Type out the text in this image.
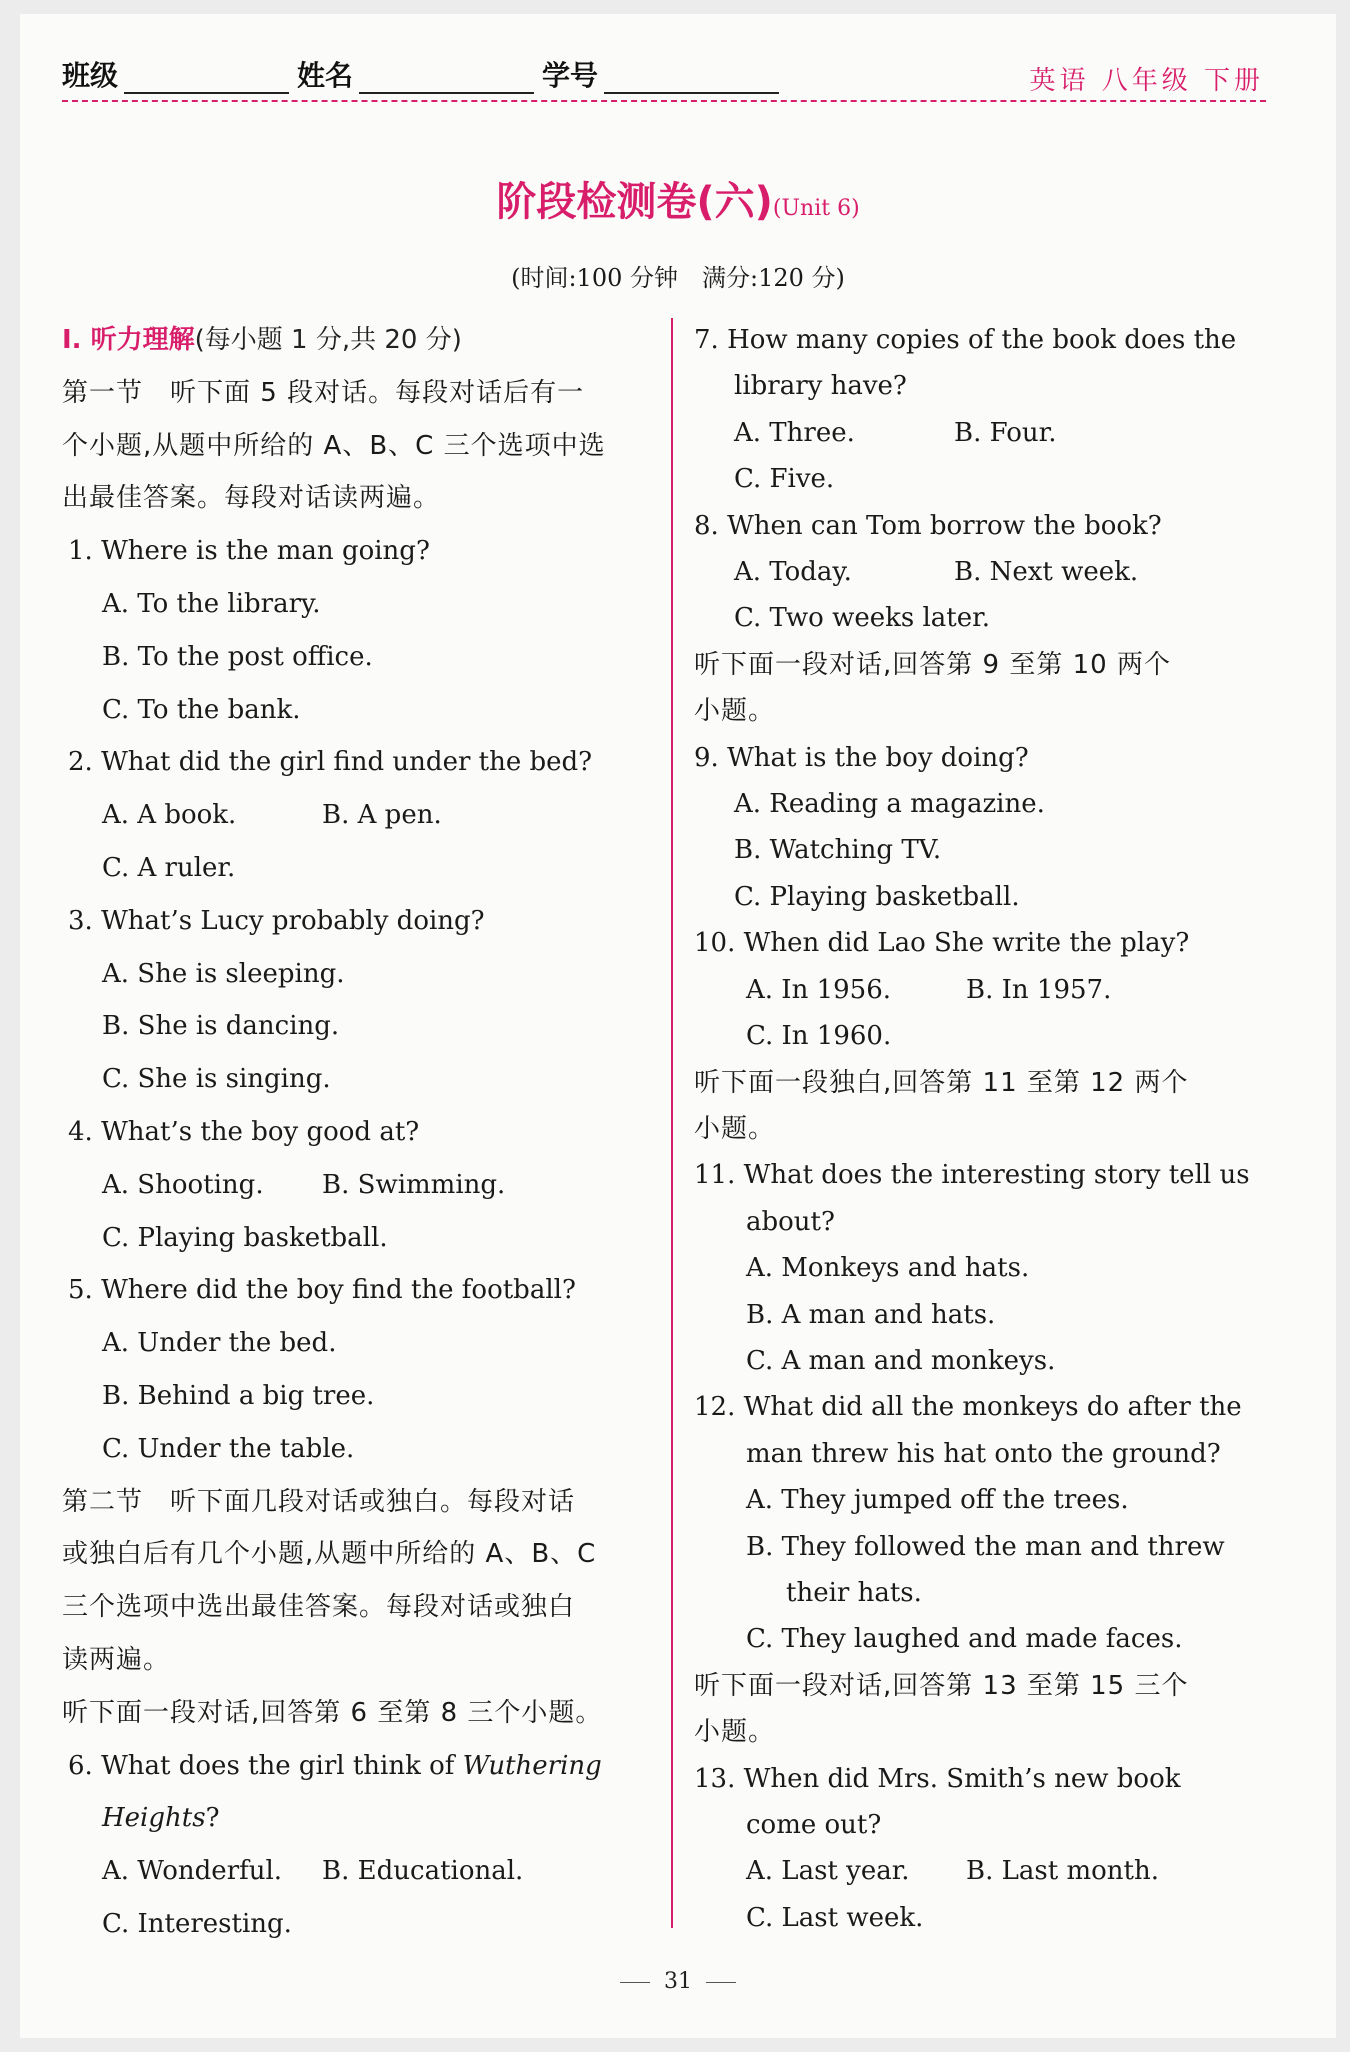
班级	姓名	学号	英语 八年级 下册
阶段检测卷(六)(Unit 6)
(时间:100 分钟　满分:120 分)
Ⅰ. 听力理解(每小题 1 分,共 20 分)
第一节　听下面 5 段对话。每段对话后有一
个小题,从题中所给的 A、B、C 三个选项中选
出最佳答案。每段对话读两遍。
1. Where is the man going?
A. To the library.
B. To the post office.
C. To the bank.
2. What did the girl find under the bed?
A. A book.	B. A pen.
C. A ruler.
3. What’s Lucy probably doing?
A. She is sleeping.
B. She is dancing.
C. She is singing.
4. What’s the boy good at?
A. Shooting. B. Swimming.
C. Playing basketball.
5. Where did the boy find the football?
A. Under the bed.
B. Behind a big tree.
C. Under the table.
第二节　听下面几段对话或独白。每段对话
或独白后有几个小题,从题中所给的 A、B、C
三个选项中选出最佳答案。每段对话或独白
读两遍。
听下面一段对话,回答第 6 至第 8 三个小题。
6. What does the girl think of Wuthering
Heights?
A. Wonderful. B. Educational.
C. Interesting.
7. How many copies of the book does the
library have?
A. Three.	B. Four.
C. Five.
8. When can Tom borrow the book?
A. Today.	B. Next week.
C. Two weeks later.
听下面一段对话,回答第 9 至第 10 两个
小题。
9. What is the boy doing?
A. Reading a magazine.
B. Watching TV.
C. Playing basketball.
10. When did Lao She write the play?
A. In 1956.	B. In 1957.
C. In 1960.
听下面一段独白,回答第 11 至第 12 两个
小题。
11. What does the interesting story tell us
about?
A. Monkeys and hats.
B. A man and hats.
C. A man and monkeys.
12. What did all the monkeys do after the
man threw his hat onto the ground?
A. They jumped off the trees.
B. They followed the man and threw
their hats.
C. They laughed and made faces.
听下面一段对话,回答第 13 至第 15 三个
小题。
13. When did Mrs. Smith’s new book
come out?
A. Last year. B. Last month.
C. Last week.
31
